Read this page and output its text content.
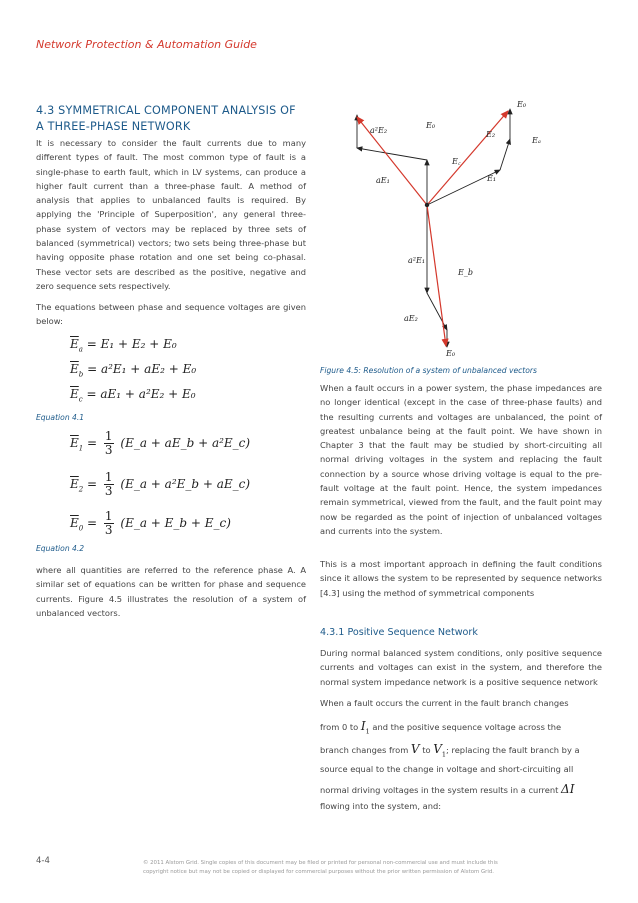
Network Protection & Automation Guide
4.3 SYMMETRICAL COMPONENT ANALYSIS OF A THREE-PHASE NETWORK
It is necessary to consider the fault currents due to many different types of fault. The most common type of fault is a single-phase to earth fault, which in LV systems, can produce a higher fault current than a three-phase fault. A method of analysis that applies to unbalanced faults is required. By applying the 'Principle of Superposition', any general three-phase system of vectors may be replaced by three sets of balanced (symmetrical) vectors; two sets being three-phase but having opposite phase rotation and one set being co-phasal. These vector sets are described as the positive, negative and zero sequence sets respectively.
The equations between phase and sequence voltages are given below:
$\overline{E}_a = E_1 + E_2 + E_0$
$\overline{E}_b = a^2E_1 + aE_2 + E_0$
$\overline{E}_c = aE_1 + a^2E_2 + E_0$
Equation 4.1
$\overline{E}_1 = \frac{1}{3}$ (E_a + aE_b + a²E_c)
$\overline{E}_2 = \frac{1}{3}$ (E_a + a²E_b + aE_c)
$\overline{E}_0 = \frac{1}{3}$ (E_a + E_b + E_c)
Equation 4.2
where all quantities are referred to the reference phase A. A similar set of equations can be written for phase and sequence currents. Figure 4.5 illustrates the resolution of a system of unbalanced vectors.
E₀
a²E₂
E₀
E₂
Eₐ
E꜀
aE₁	E₁
a²E₁
E_b
aE₂
E₀
Figure 4.5: Resolution of a system of unbalanced vectors
When a fault occurs in a power system, the phase impedances are no longer identical (except in the case of three-phase faults) and the resulting currents and voltages are unbalanced, the point of greatest unbalance being at the fault point. We have shown in Chapter 3 that the fault may be studied by short-circuiting all normal driving voltages in the system and replacing the fault connection by a source whose driving voltage is equal to the pre-fault voltage at the fault point. Hence, the system impedances remain symmetrical, viewed from the fault, and the fault point may now be regarded as the point of injection of unbalanced voltages and currents into the system.
This is a most important approach in defining the fault conditions since it allows the system to be represented by sequence networks [4.3] using the method of symmetrical components
4.3.1 Positive Sequence Network
During normal balanced system conditions, only positive sequence currents and voltages can exist in the system, and therefore the normal system impedance network is a positive sequence network
When a fault occurs the current in the fault branch changes
from 0 to $I_1$ and the positive sequence voltage across the
branch changes from V to $V_1$; replacing the fault branch by a
source equal to the change in voltage and short-circuiting all
normal driving voltages in the system results in a current ΔI
flowing into the system, and:
4-4	© 2011 Alstom Grid. Single copies of this document may be filed or printed for personal non-commercial use and must include this copyright notice but may not be copied or displayed for commercial purposes without the prior written permission of Alstom Grid.
